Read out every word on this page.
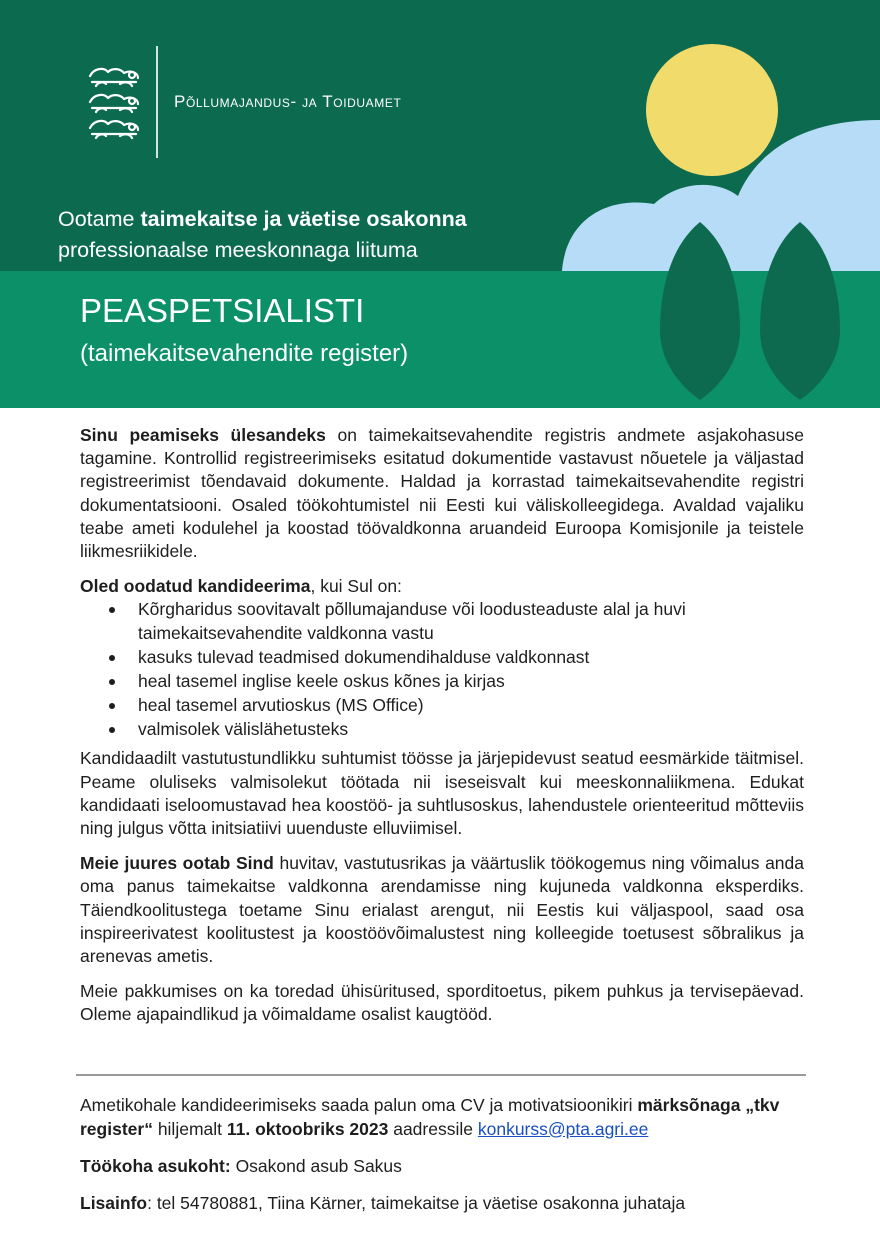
Põllumajandus- ja Toiduamet
Ootame taimekaitse ja väetise osakonna
professionaalse meeskonnaga liituma
PEASPETSIALISTI
(taimekaitsevahendite register)

Sinu peamiseks ülesandeks on taimekaitsevahendite registris andmete asjakohasuse tagamine. Kontrollid registreerimiseks esitatud dokumentide vastavust nõuetele ja väljastad registreerimist tõendavaid dokumente. Haldad ja korrastad taimekaitsevahendite registri dokumentatsiooni. Osaled töökohtumistel nii Eesti kui väliskolleegidega. Avaldad vajaliku teabe ameti kodulehel ja koostad töövaldkonna aruandeid Euroopa Komisjonile ja teistele liikmesriikidele.

Oled oodatud kandideerima, kui Sul on:

Kõrgharidus soovitavalt põllumajanduse või loodusteaduste alal ja huvi taimekaitsevahendite valdkonna vastu
kasuks tulevad teadmised dokumendihalduse valdkonnast
heal tasemel inglise keele oskus kõnes ja kirjas
heal tasemel arvutioskus (MS Office)
valmisolek välislähetusteks

Kandidaadilt vastutustundlikku suhtumist töösse ja järjepidevust seatud eesmärkide täitmisel. Peame oluliseks valmisolekut töötada nii iseseisvalt kui meeskonnaliikmena. Edukat kandidaati iseloomustavad hea koostöö- ja suhtlusoskus, lahendustele orienteeritud mõtteviis ning julgus võtta initsiatiivi uuenduste elluviimisel.

Meie juures ootab Sind huvitav, vastutusrikas ja väärtuslik töökogemus ning võimalus anda oma panus taimekaitse valdkonna arendamisse ning kujuneda valdkonna eksperdiks. Täiendkoolitustega toetame Sinu erialast arengut, nii Eestis kui väljaspool, saad osa inspireerivatest koolitustest ja koostöövõimalustest ning kolleegide toetusest sõbralikus ja arenevas ametis.

Meie pakkumises on ka toredad ühisüritused, sporditoetus, pikem puhkus ja tervisepäevad. Oleme ajapaindlikud ja võimaldame osalist kaugtööd.

Ametikohale kandideerimiseks saada palun oma CV ja motivatsioonikiri märksõnaga „tkv register“ hiljemalt 11. oktoobriks 2023 aadressile konkurss@pta.agri.ee

Töökoha asukoht: Osakond asub Sakus

Lisainfo: tel 54780881, Tiina Kärner, taimekaitse ja väetise osakonna juhataja
